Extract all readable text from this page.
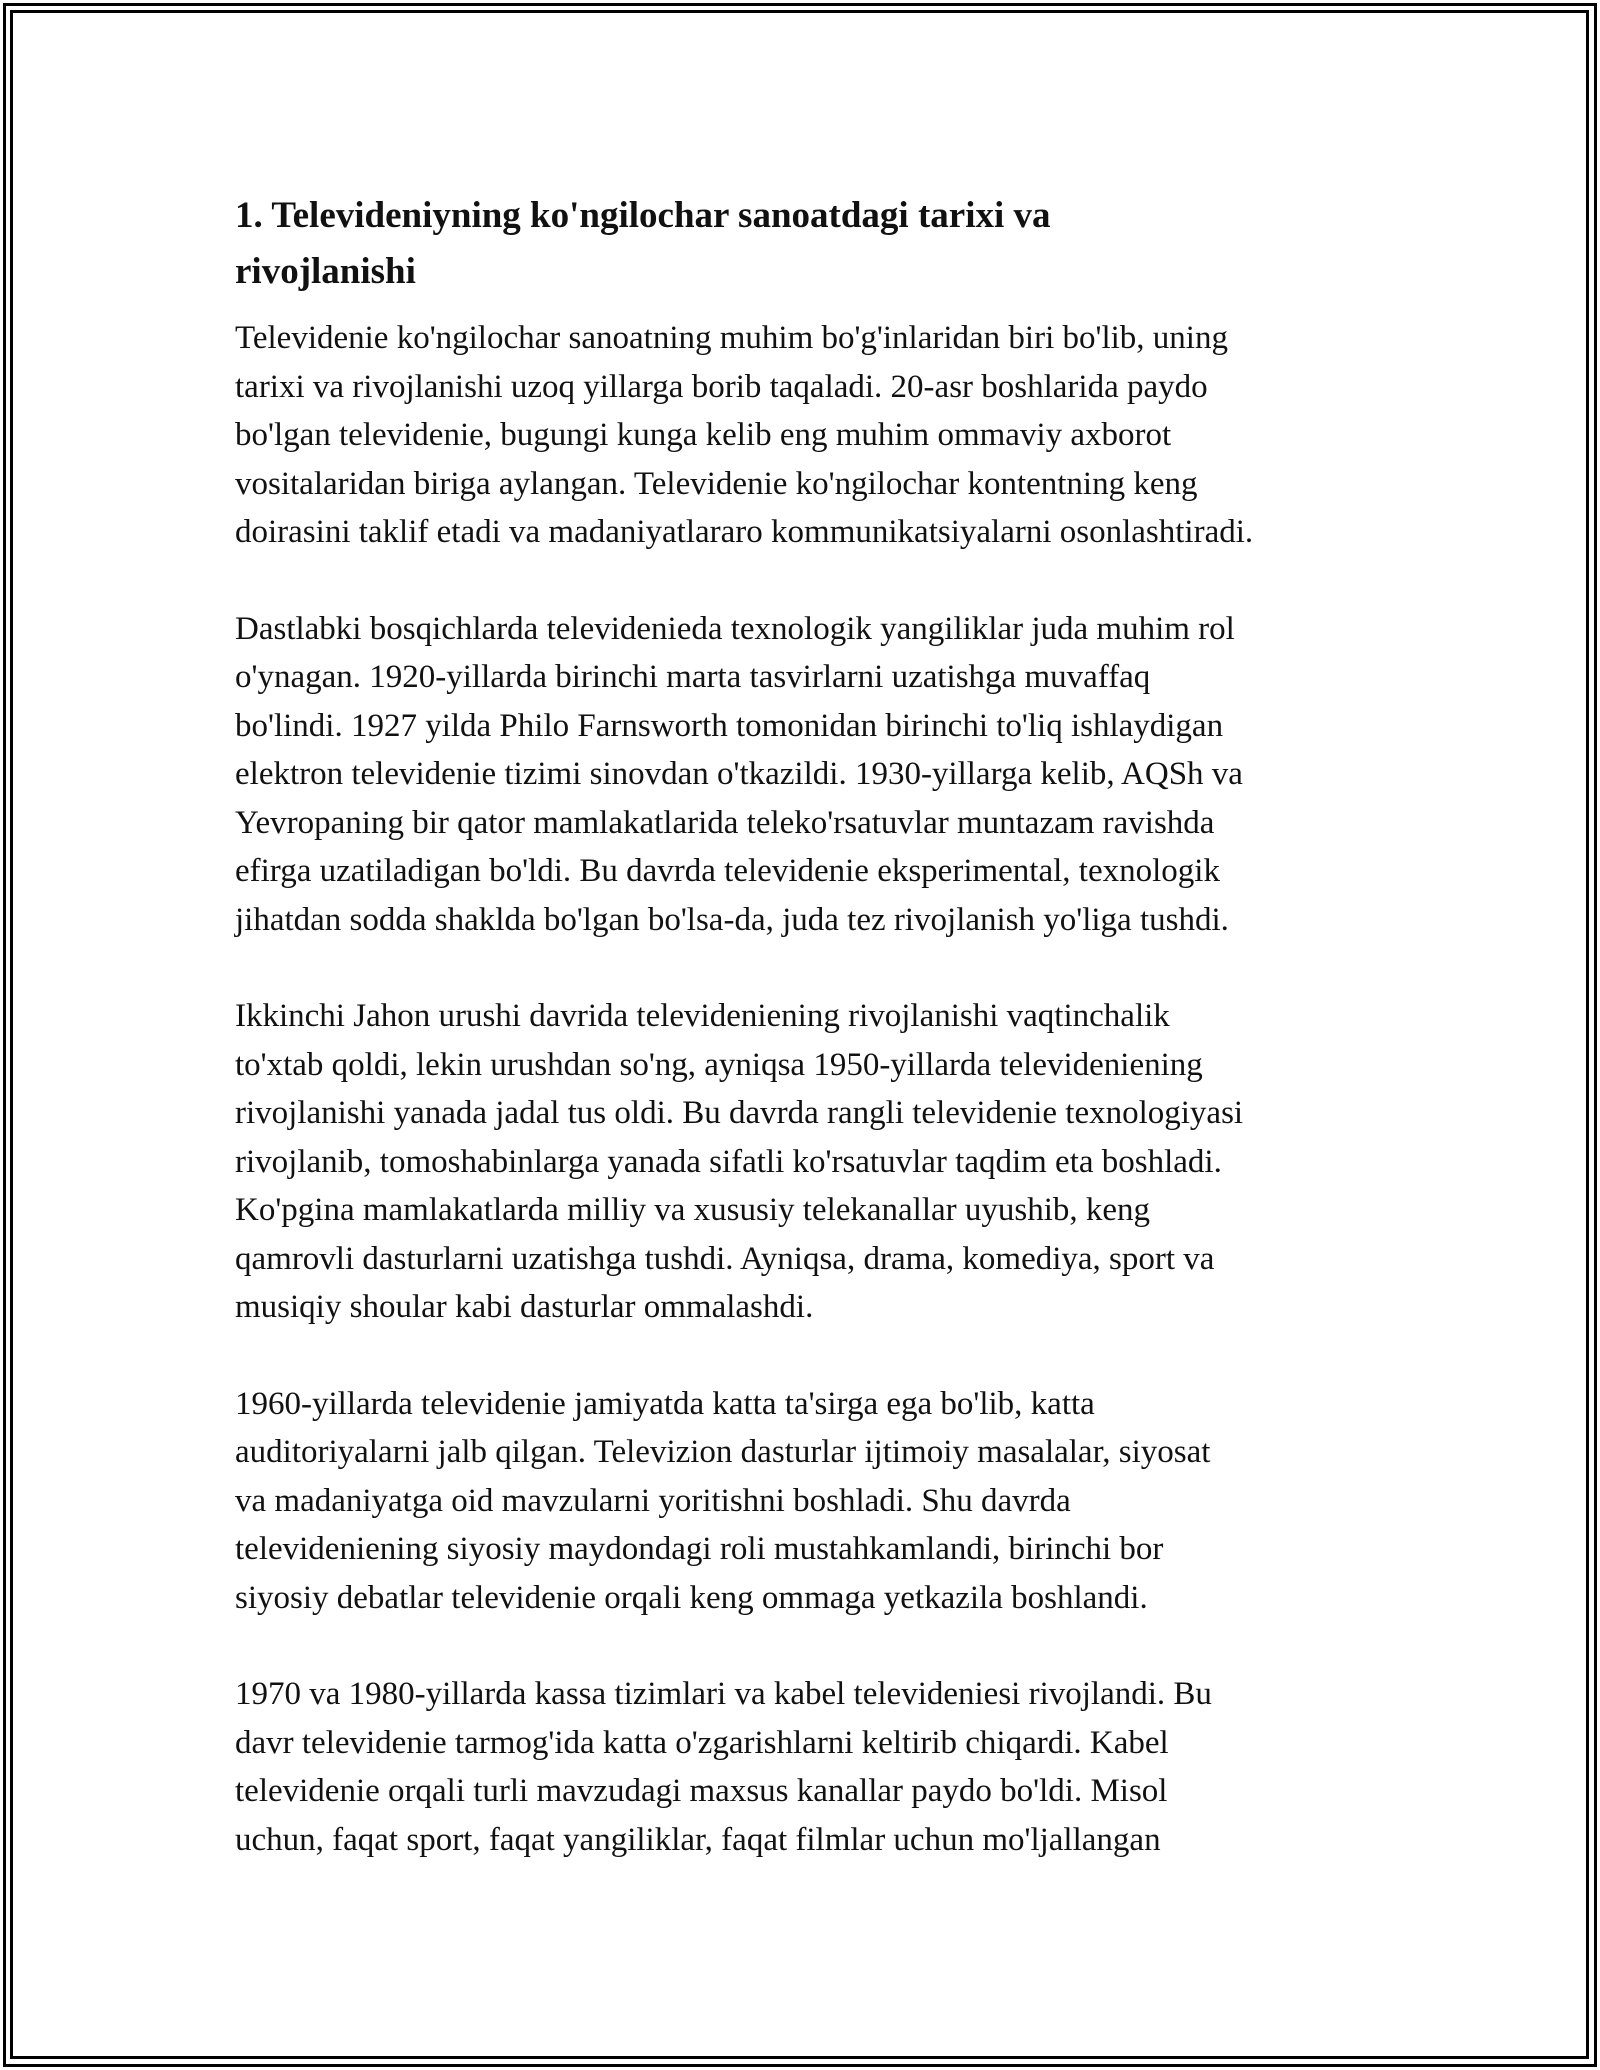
1. Televideniyning ko'ngilochar sanoatdagi tarixi va
rivojlanishi

Televidenie ko'ngilochar sanoatning muhim bo'g'inlaridan biri bo'lib, uning
tarixi va rivojlanishi uzoq yillarga borib taqaladi. 20-asr boshlarida paydo
bo'lgan televidenie, bugungi kunga kelib eng muhim ommaviy axborot
vositalaridan biriga aylangan. Televidenie ko'ngilochar kontentning keng
doirasini taklif etadi va madaniyatlararo kommunikatsiyalarni osonlashtiradi.

Dastlabki bosqichlarda televidenieda texnologik yangiliklar juda muhim rol
o'ynagan. 1920-yillarda birinchi marta tasvirlarni uzatishga muvaffaq
bo'lindi. 1927 yilda Philo Farnsworth tomonidan birinchi to'liq ishlaydigan
elektron televidenie tizimi sinovdan o'tkazildi. 1930-yillarga kelib, AQSh va
Yevropaning bir qator mamlakatlarida teleko'rsatuvlar muntazam ravishda
efirga uzatiladigan bo'ldi. Bu davrda televidenie eksperimental, texnologik
jihatdan sodda shaklda bo'lgan bo'lsa-da, juda tez rivojlanish yo'liga tushdi.

Ikkinchi Jahon urushi davrida televideniening rivojlanishi vaqtinchalik
to'xtab qoldi, lekin urushdan so'ng, ayniqsa 1950-yillarda televideniening
rivojlanishi yanada jadal tus oldi. Bu davrda rangli televidenie texnologiyasi
rivojlanib, tomoshabinlarga yanada sifatli ko'rsatuvlar taqdim eta boshladi.
Ko'pgina mamlakatlarda milliy va xususiy telekanallar uyushib, keng
qamrovli dasturlarni uzatishga tushdi. Ayniqsa, drama, komediya, sport va
musiqiy shoular kabi dasturlar ommalashdi.

1960-yillarda televidenie jamiyatda katta ta'sirga ega bo'lib, katta
auditoriyalarni jalb qilgan. Televizion dasturlar ijtimoiy masalalar, siyosat
va madaniyatga oid mavzularni yoritishni boshladi. Shu davrda
televideniening siyosiy maydondagi roli mustahkamlandi, birinchi bor
siyosiy debatlar televidenie orqali keng ommaga yetkazila boshlandi.

1970 va 1980-yillarda kassa tizimlari va kabel televideniesi rivojlandi. Bu
davr televidenie tarmog'ida katta o'zgarishlarni keltirib chiqardi. Kabel
televidenie orqali turli mavzudagi maxsus kanallar paydo bo'ldi. Misol
uchun, faqat sport, faqat yangiliklar, faqat filmlar uchun mo'ljallangan
